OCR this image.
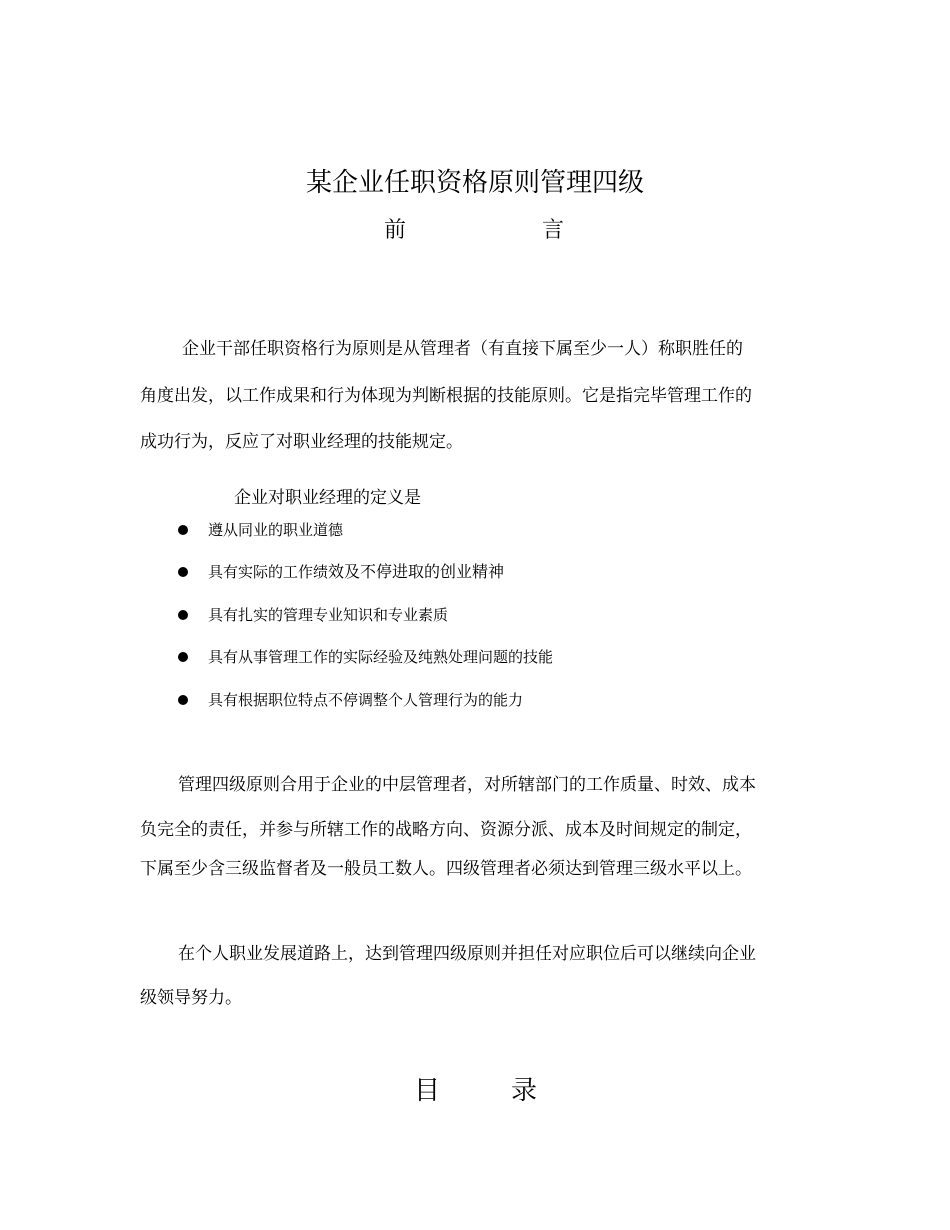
某企业任职资格原则管理四级
前	言
企业干部任职资格行为原则是从管理者（有直接下属至少一人）称职胜任的
角度出发，以工作成果和行为体现为判断根据的技能原则。它是指完毕管理工作的
成功行为，反应了对职业经理的技能规定。
企业对职业经理的定义是
遵从同业的职业道德
具有实际的工作绩效及不停进取的创业精神
具有扎实的管理专业知识和专业素质
具有从事管理工作的实际经验及纯熟处理问题的技能
具有根据职位特点不停调整个人管理行为的能力
管理四级原则合用于企业的中层管理者，对所辖部门的工作质量、时效、成本
负完全的责任，并参与所辖工作的战略方向、资源分派、成本及时间规定的制定，
下属至少含三级监督者及一般员工数人。四级管理者必须达到管理三级水平以上。
在个人职业发展道路上，达到管理四级原则并担任对应职位后可以继续向企业
级领导努力。
目	录
